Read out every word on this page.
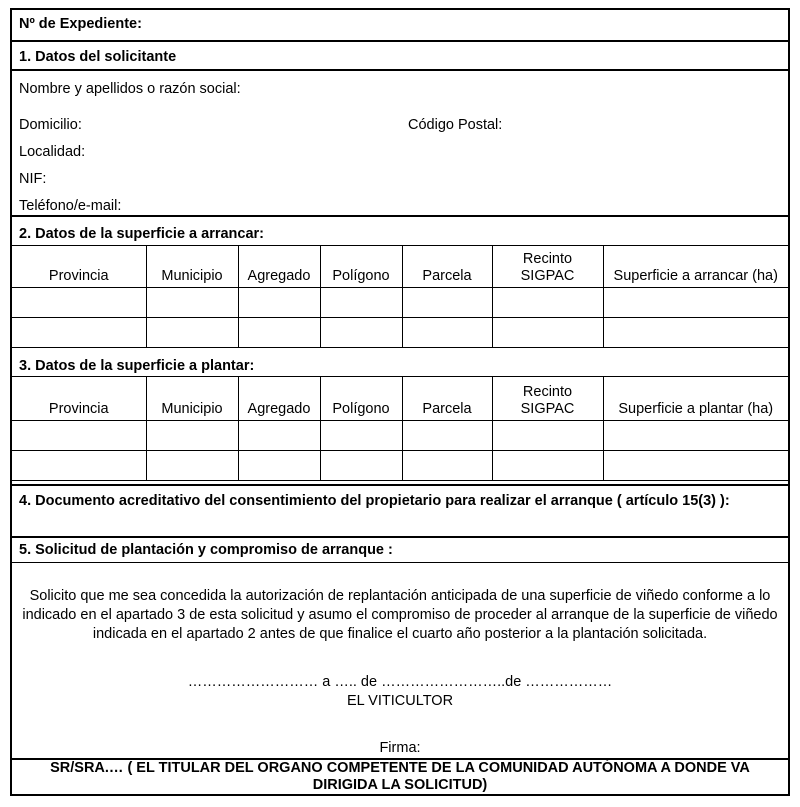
Nº de Expediente:
1. Datos del solicitante
Nombre y apellidos o razón social:
Domicilio:	Código Postal:
Localidad:
NIF:
Teléfono/e-mail:
2. Datos de la superficie a arrancar:
Provincia	Municipio	Agregado	Polígono	Parcela	Recinto SIGPAC	Superficie a arrancar (ha)

3. Datos de la superficie a plantar:
Provincia	Municipio	Agregado	Polígono	Parcela	Recinto SIGPAC	Superficie a plantar (ha)

4. Documento acreditativo del consentimiento del propietario para realizar el arranque ( artículo 15(3) ):
5. Solicitud de plantación y compromiso de arranque :
Solicito que me sea concedida la autorización de replantación anticipada de una superficie de viñedo conforme a lo indicado en el apartado 3 de esta solicitud y asumo el compromiso de proceder al arranque de la superficie de viñedo indicada en el apartado 2 antes de que finalice el cuarto año posterior a la plantación solicitada.
……………………… a ….. de ……………………..de ………………
EL VITICULTOR
Firma:
SR/SRA.… ( EL TITULAR DEL ORGANO COMPETENTE DE LA COMUNIDAD AUTÓNOMA A DONDE VA DIRIGIDA LA SOLICITUD)
